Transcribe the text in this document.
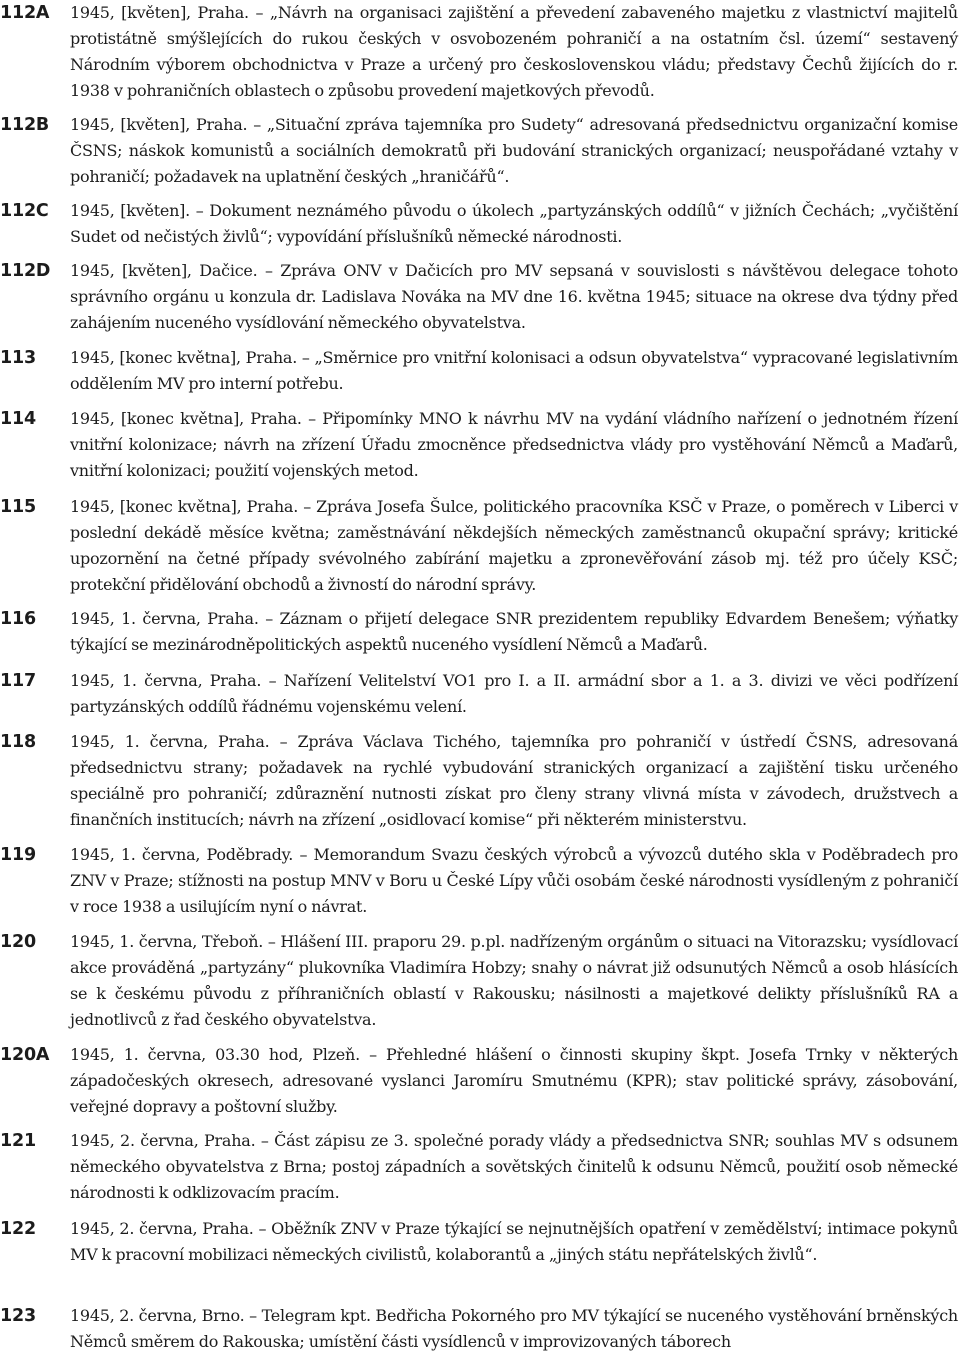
112A 1945, [květen], Praha. – „Návrh na organisaci zajištění a převedení zabaveného majetku z vlastnictví majitelů protistátně smýšlejících do rukou českých v osvobozeném pohraničí a na ostatním čsl. území“ sestavený Národním výborem obchodnictva v Praze a určený pro československou vládu; představy Čechů žijících do r. 1938 v pohraničních oblastech o způsobu provedení majetkových převodů.
112B 1945, [květen], Praha. – „Situační zpráva tajemníka pro Sudety“ adresovaná předsednictvu organizační komise ČSNS; náskok komunistů a sociálních demokratů při budování stranických organizací; neuspořádané vztahy v pohraničí; požadavek na uplatnění českých „hraničářů“.
112C 1945, [květen]. – Dokument neznámého původu o úkolech „partyzánských oddílů“ v jižních Čechách; „vyčištění Sudet od nečistých živlů“; vypovídání příslušníků německé národnosti.
112D 1945, [květen], Dačice. – Zpráva ONV v Dačicích pro MV sepsaná v souvislosti s návštěvou delegace tohoto správního orgánu u konzula dr. Ladislava Nováka na MV dne 16. května 1945; situace na okrese dva týdny před zahájením nuceného vysídlování německého obyvatelstva.
113 1945, [konec května], Praha. – „Směrnice pro vnitřní kolonisaci a odsun obyvatelstva“ vypracované legislativním oddělením MV pro interní potřebu.
114 1945, [konec května], Praha. – Připomínky MNO k návrhu MV na vydání vládního nařízení o jednotném řízení vnitřní kolonizace; návrh na zřízení Úřadu zmocněnce předsednictva vlády pro vystěhování Němců a Maďarů, vnitřní kolonizaci; použití vojenských metod.
115 1945, [konec května], Praha. – Zpráva Josefa Šulce, politického pracovníka KSČ v Praze, o poměrech v Liberci v poslední dekádě měsíce května; zaměstnávání někdejších německých zaměstnanců okupační správy; kritické upozornění na četné případy svévolného zabírání majetku a zpronevěřování zásob mj. též pro účely KSČ; protekční přidělování obchodů a živností do národní správy.
116 1945, 1. června, Praha. – Záznam o přijetí delegace SNR prezidentem republiky Edvardem Benešem; výňatky týkající se mezinárodněpolitických aspektů nuceného vysídlení Němců a Maďarů.
117 1945, 1. června, Praha. – Nařízení Velitelství VO1 pro I. a II. armádní sbor a 1. a 3. divizi ve věci podřízení partyzánských oddílů řádnému vojenskému velení.
118 1945, 1. června, Praha. – Zpráva Václava Tichého, tajemníka pro pohraničí v ústředí ČSNS, adresovaná předsednictvu strany; požadavek na rychlé vybudování stranických organizací a zajištění tisku určeného speciálně pro pohraničí; zdůraznění nutnosti získat pro členy strany vlivná místa v závodech, družstvech a finančních institucích; návrh na zřízení „osidlovací komise“ při některém ministerstvu.
119 1945, 1. června, Poděbrady. – Memorandum Svazu českých výrobců a vývozců dutého skla v Poděbradech pro ZNV v Praze; stížnosti na postup MNV v Boru u České Lípy vůči osobám české národnosti vysídleným z pohraničí v roce 1938 a usilujícím nyní o návrat.
120 1945, 1. června, Třeboň. – Hlášení III. praporu 29. p.pl. nadřízeným orgánům o situaci na Vitorazsku; vysídlovací akce prováděná „partyzány“ plukovníka Vladimíra Hobzy; snahy o návrat již odsunutých Němců a osob hlásících se k českému původu z příhraničních oblastí v Rakousku; násilnosti a majetkové delikty příslušníků RA a jednotlivců z řad českého obyvatelstva.
120A 1945, 1. června, 03.30 hod, Plzeň. – Přehledné hlášení o činnosti skupiny škpt. Josefa Trnky v některých západočeských okresech, adresované vyslanci Jaromíru Smutnému (KPR); stav politické správy, zásobování, veřejné dopravy a poštovní služby.
121 1945, 2. června, Praha. – Část zápisu ze 3. společné porady vlády a předsednictva SNR; souhlas MV s odsunem německého obyvatelstva z Brna; postoj západních a sovětských činitelů k odsunu Němců, použití osob německé národnosti k odklizovacím pracím.
122 1945, 2. června, Praha. – Oběžník ZNV v Praze týkající se nejnutnějších opatření v zemědělství; intimace pokynů MV k pracovní mobilizaci německých civilistů, kolaborantů a „jiných státu nepřátelských živlů“.
123 1945, 2. června, Brno. – Telegram kpt. Bedřicha Pokorného pro MV týkající se nuceného vystěhování brněnských Němců směrem do Rakouska; umístění části vysídlenců v improvizovaných táborech
